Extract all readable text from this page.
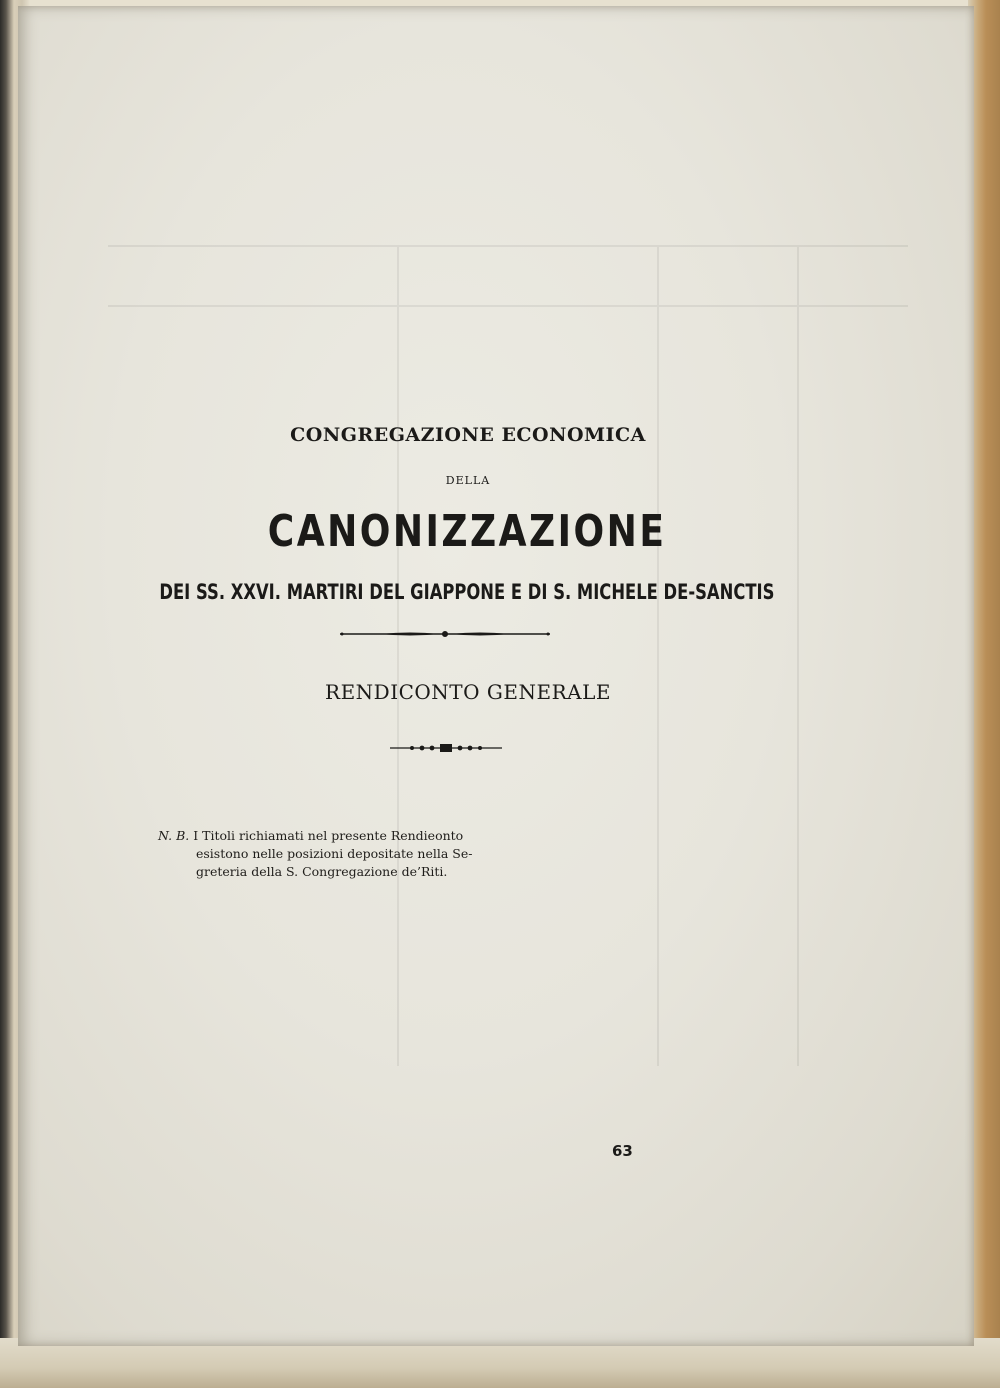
CONGREGAZIONE ECONOMICA
DELLA
CANONIZZAZIONE
DEI SS. XXVI. MARTIRI DEL GIAPPONE E DI S. MICHELE DE-SANCTIS
RENDICONTO GENERALE
N. B. I Titoli richiamati nel presente Rendieonto
esistono nelle posizioni depositate nella Se-
greteria della S. Congregazione de’Riti.
63
